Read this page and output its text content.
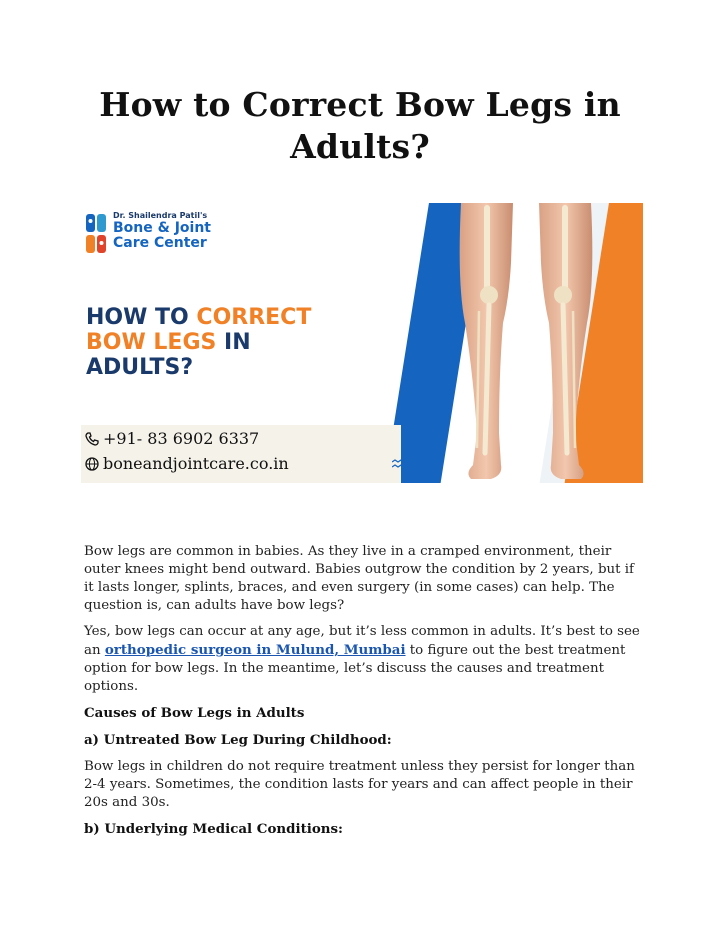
How to Correct Bow Legs in Adults?
Dr. Shailendra Patil's
Bone & Joint
Care Center
HOW TO CORRECT
BOW LEGS IN
ADULTS?
+91- 83 6902 6337
boneandjointcare.co.in

Bow legs are common in babies. As they live in a cramped environment, their outer knees might bend outward. Babies outgrow the condition by 2 years, but if it lasts longer, splints, braces, and even surgery (in some cases) can help. The question is, can adults have bow legs?

Yes, bow legs can occur at any age, but it’s less common in adults. It’s best to see an orthopedic surgeon in Mulund, Mumbai to figure out the best treatment option for bow legs. In the meantime, let’s discuss the causes and treatment options.

Causes of Bow Legs in Adults

a) Untreated Bow Leg During Childhood:

Bow legs in children do not require treatment unless they persist for longer than 2-4 years. Sometimes, the condition lasts for years and can affect people in their 20s and 30s.

b) Underlying Medical Conditions:
